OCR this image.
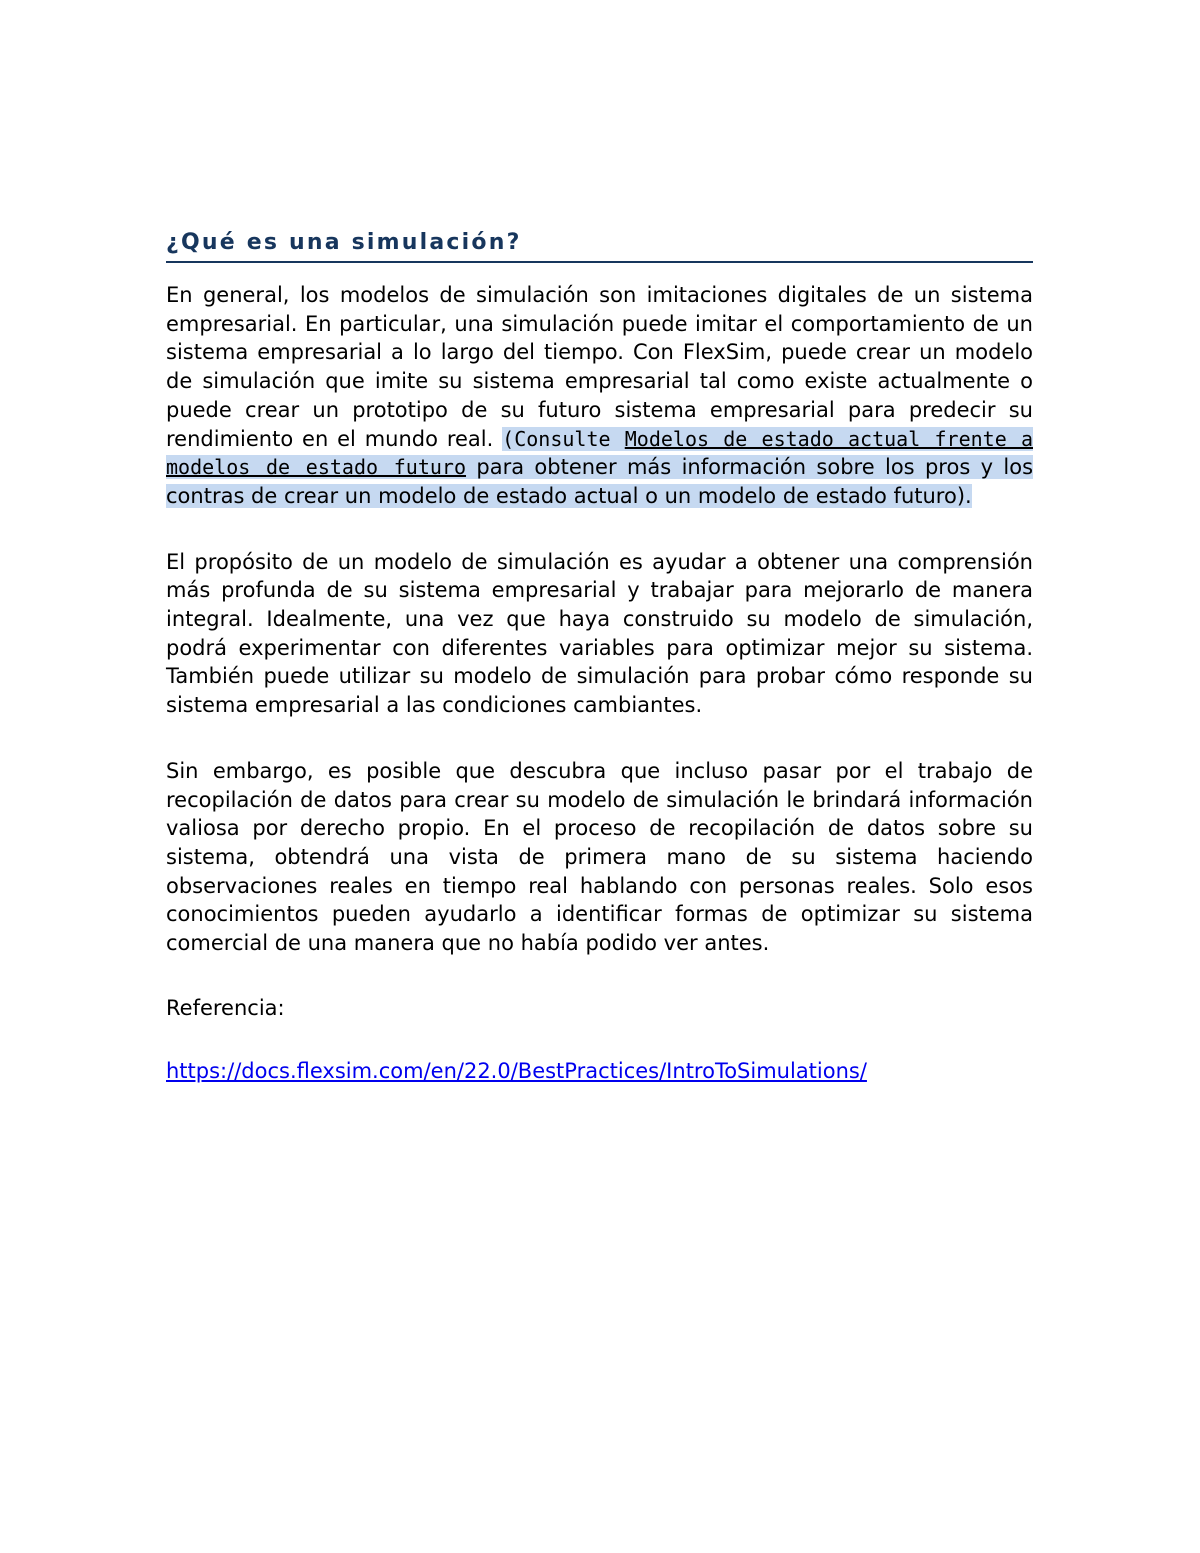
¿Qué es una simulación?

En general, los modelos de simulación son imitaciones digitales de un sistema empresarial. En particular, una simulación puede imitar el comportamiento de un sistema empresarial a lo largo del tiempo. Con FlexSim, puede crear un modelo de simulación que imite su sistema empresarial tal como existe actualmente o puede crear un prototipo de su futuro sistema empresarial para predecir su rendimiento en el mundo real. (Consulte Modelos de estado actual frente a modelos de estado futuro para obtener más información sobre los pros y los contras de crear un modelo de estado actual o un modelo de estado futuro).

El propósito de un modelo de simulación es ayudar a obtener una comprensión más profunda de su sistema empresarial y trabajar para mejorarlo de manera integral. Idealmente, una vez que haya construido su modelo de simulación, podrá experimentar con diferentes variables para optimizar mejor su sistema. También puede utilizar su modelo de simulación para probar cómo responde su sistema empresarial a las condiciones cambiantes.

Sin embargo, es posible que descubra que incluso pasar por el trabajo de recopilación de datos para crear su modelo de simulación le brindará información valiosa por derecho propio. En el proceso de recopilación de datos sobre su sistema, obtendrá una vista de primera mano de su sistema haciendo observaciones reales en tiempo real hablando con personas reales. Solo esos conocimientos pueden ayudarlo a identificar formas de optimizar su sistema comercial de una manera que no había podido ver antes.

Referencia:

https://docs.flexsim.com/en/22.0/BestPractices/IntroToSimulations/
